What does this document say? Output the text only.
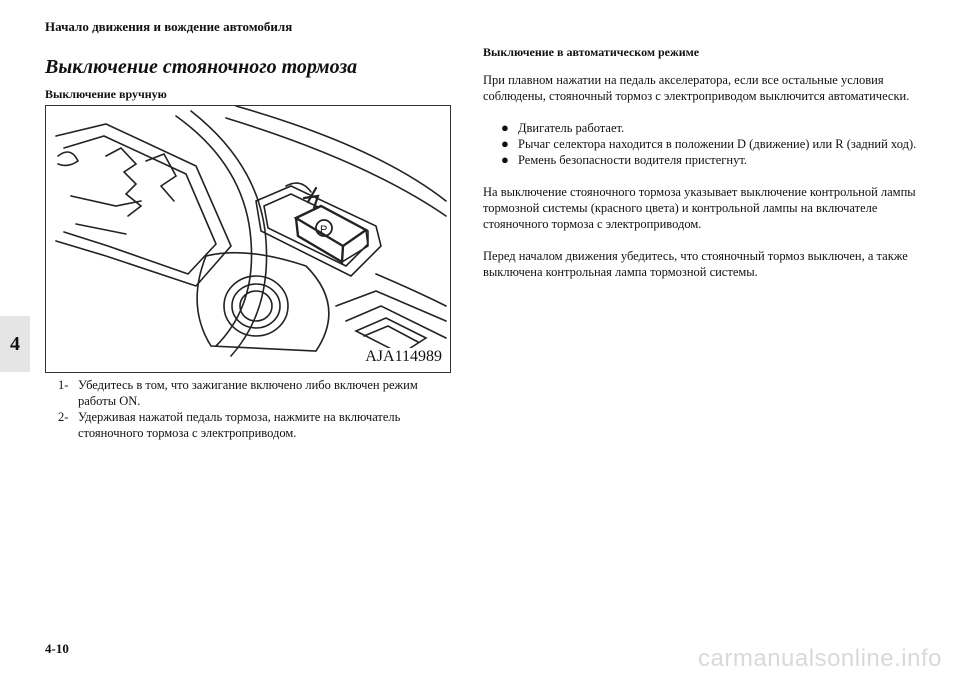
Начало движения и вождение автомобиля
Выключение стояночного тормоза
Выключение вручную
4
P
AJA114989
1- Убедитесь в том, что зажигание включено либо включен режим работы ON.
2- Удерживая нажатой педаль тормоза, нажмите на включатель стояночного тормоза с электроприводом.
Выключение в автоматическом режиме

При плавном нажатии на педаль акселератора, если все остальные условия соблюдены, стояночный тормоз с электроприводом выключится автоматически.

● Двигатель работает.
● Рычаг селектора находится в положении D (движение) или R (задний ход).
● Ремень безопасности водителя пристегнут.

На выключение стояночного тормоза указывает выключение контрольной лампы тормозной системы (красного цвета) и контрольной лампы на включателе стояночного тормоза с электроприводом.

Перед началом движения убедитесь, что стояночный тормоз выключен, а также выключена контрольная лампа тормозной системы.

4-10	carmanualsonline.info
